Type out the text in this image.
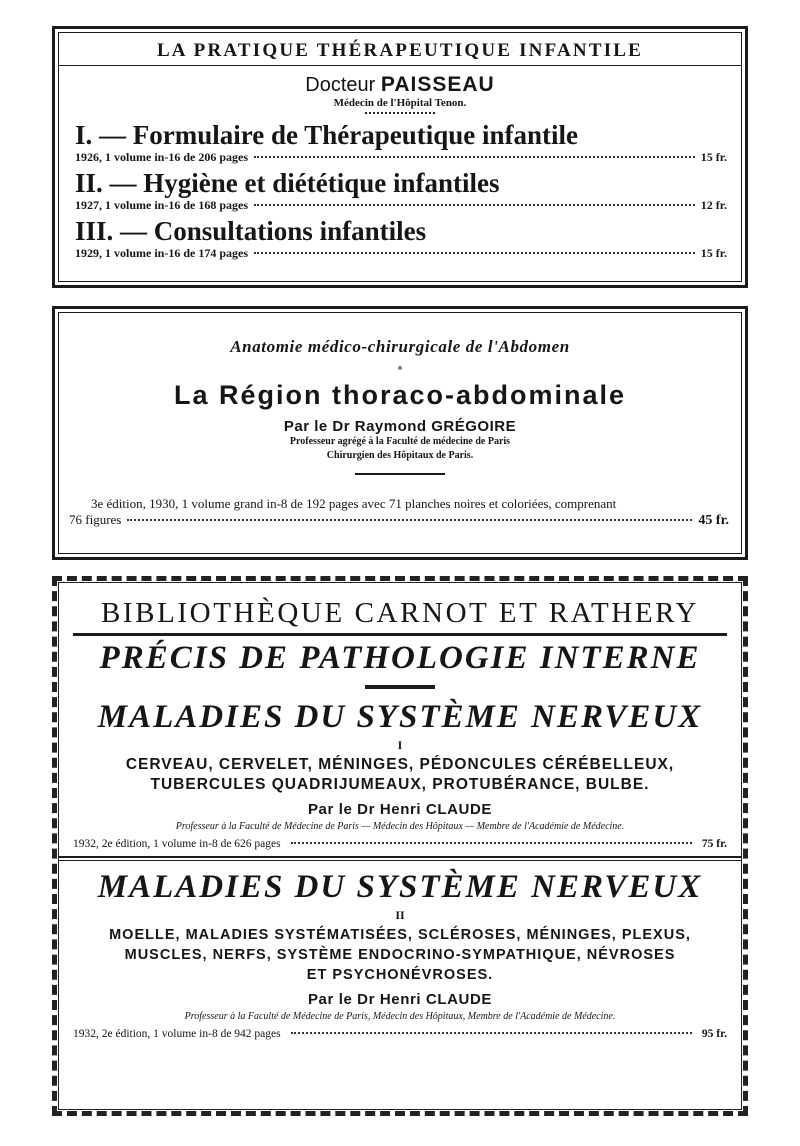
LA PRATIQUE THÉRAPEUTIQUE INFANTILE
Docteur PAISSEAU
Médecin de l'Hôpital Tenon.
I. — Formulaire de Thérapeutique infantile
1926, 1 volume in-16 de 206 pages	15 fr.
II. — Hygiène et diététique infantiles
1927, 1 volume in-16 de 168 pages	12 fr.
III. — Consultations infantiles
1929, 1 volume in-16 de 174 pages	15 fr.
Anatomie médico-chirurgicale de l'Abdomen
*
La Région thoraco-abdominale
Par le Dr Raymond GRÉGOIRE
Professeur agrégé à la Faculté de médecine de Paris
Chirurgien des Hôpitaux de Paris.
3e édition, 1930, 1 volume grand in-8 de 192 pages avec 71 planches noires et coloriées, comprenant
76 figures	45 fr.
BIBLIOTHÈQUE CARNOT ET RATHERY
PRÉCIS DE PATHOLOGIE INTERNE
MALADIES DU SYSTÈME NERVEUX
I
CERVEAU, CERVELET, MÉNINGES, PÉDONCULES CÉRÉBELLEUX,
TUBERCULES QUADRIJUMEAUX, PROTUBÉRANCE, BULBE.
Par le Dr Henri CLAUDE
Professeur à la Faculté de Médecine de Paris — Médecin des Hôpitaux — Membre de l'Académie de Médecine.
1932, 2e édition, 1 volume in-8 de 626 pages	75 fr.
MALADIES DU SYSTÈME NERVEUX
II
MOELLE, MALADIES SYSTÉMATISÉES, SCLÉROSES, MÉNINGES, PLEXUS,
MUSCLES, NERFS, SYSTÈME ENDOCRINO-SYMPATHIQUE, NÉVROSES
ET PSYCHONÉVROSES.
Par le Dr Henri CLAUDE
Professeur à la Faculté de Médecine de Paris, Médecin des Hôpitaux, Membre de l'Académie de Médecine.
1932, 2e édition, 1 volume in-8 de 942 pages	95 fr.
